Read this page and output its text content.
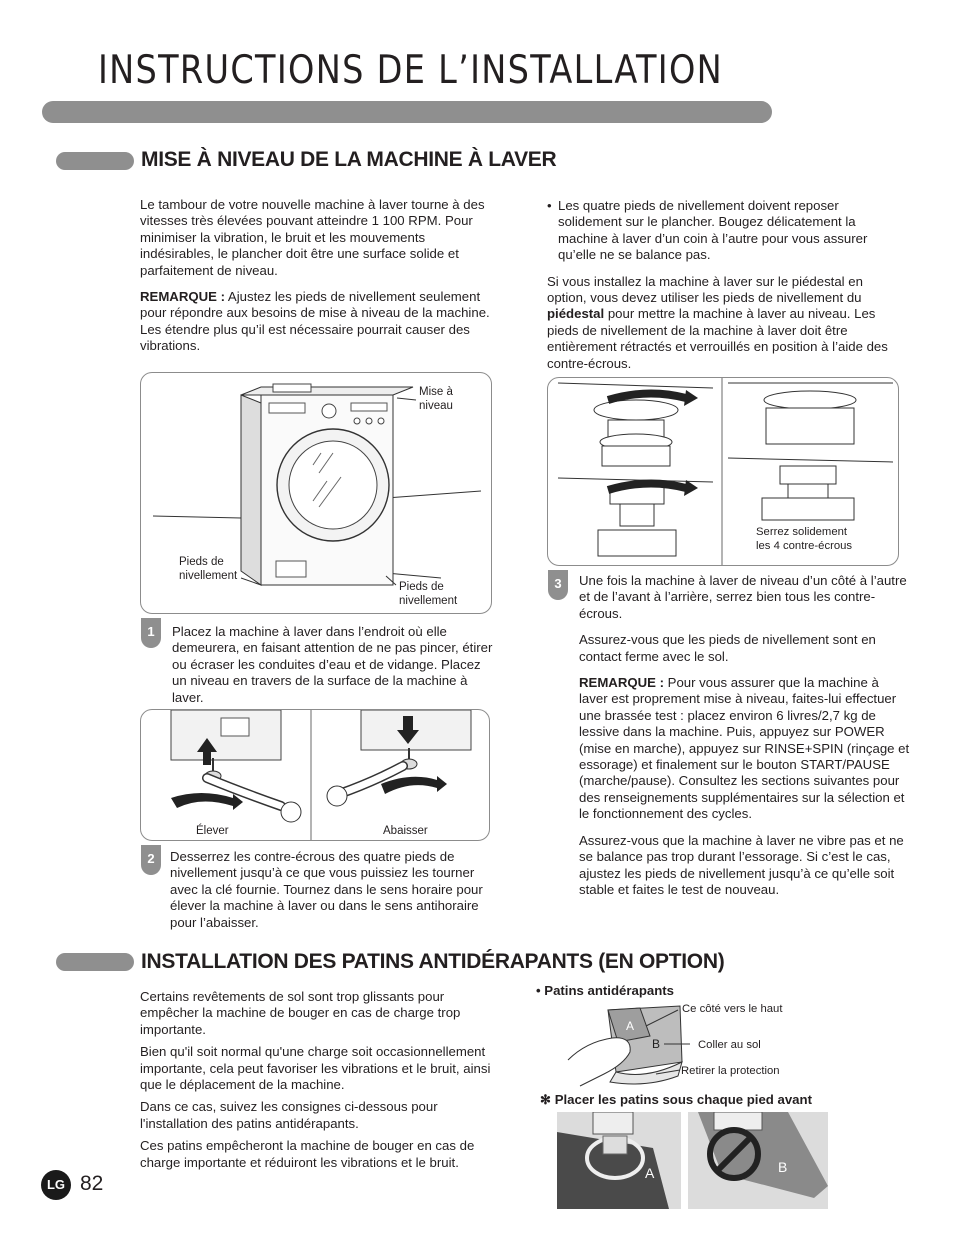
INSTRUCTIONS DE L’INSTALLATION
MISE À NIVEAU DE LA MACHINE À LAVER

Le tambour de votre nouvelle machine à laver tourne à des vitesses très élevées pouvant atteindre 1 100 RPM. Pour minimiser la vibration, le bruit et les mouvements indésirables, le plancher doit être une surface solide et parfaitement de niveau.

REMARQUE : Ajustez les pieds de nivellement seulement pour répondre aux besoins de mise à niveau de la machine. Les étendre plus qu’il est nécessaire pourrait causer des vibrations.

Mise à
niveau
Pieds de
nivellement
Pieds de
nivellement
1	Placez la machine à laver dans l’endroit où elle demeurera, en faisant attention de ne pas pincer, étirer ou écraser les conduites d’eau et de vidange. Placez un niveau en travers de la surface de la machine à laver.
Élever	Abaisser
2	Desserrez les contre-écrous des quatre pieds de nivellement jusqu’à ce que vous puissiez les tourner avec la clé fournie. Tournez dans le sens horaire pour élever la machine à laver ou dans le sens antihoraire pour l’abaisser.
• Les quatre pieds de nivellement doivent reposer solidement sur le plancher. Bougez délicatement la machine à laver d’un coin à l’autre pour vous assurer qu’elle ne se balance pas.

Si vous installez la machine à laver sur le piédestal en option, vous devez utiliser les pieds de nivellement du piédestal pour mettre la machine à laver au niveau. Les pieds de nivellement de la machine à laver doit être entièrement rétractés et verrouillés en position à l’aide des contre-écrous.

Serrez solidement
les 4 contre-écrous
3	Une fois la machine à laver de niveau d’un côté à l’autre et de l’avant à l’arrière, serrez bien tous les contre-écrous.

Assurez-vous que les pieds de nivellement sont en contact ferme avec le sol.

REMARQUE : Pour vous assurer que la machine à laver est proprement mise à niveau, faites-lui effectuer une brassée test : placez environ 6 livres/2,7 kg de lessive dans la machine. Puis, appuyez sur POWER (mise en marche), appuyez sur RINSE+SPIN (rinçage et essorage) et finalement sur le bouton START/PAUSE (marche/pause). Consultez les sections suivantes pour des renseignements supplémentaires sur la sélection et le fonctionnement des cycles.

Assurez-vous que la machine à laver ne vibre pas et ne se balance pas trop durant l’essorage. Si c’est le cas, ajustez les pieds de nivellement jusqu’à ce qu’elle soit stable et faites le test de nouveau.

INSTALLATION DES PATINS ANTIDÉRAPANTS (EN OPTION)

Certains revêtements de sol sont trop glissants pour empêcher la machine de bouger en cas de charge trop importante.

Bien qu'il soit normal qu'une charge soit occasionnellement importante, cela peut favoriser les vibrations et le bruit, ainsi que le déplacement de la machine.

Dans ce cas, suivez les consignes ci-dessous pour l'installation des patins antidérapants.

Ces patins empêcheront la machine de bouger en cas de charge importante et réduiront les vibrations et le bruit.

• Patins antidérapants
A
B
Ce côté vers le haut
Coller au sol
Retirer la protection
✻ Placer les patins sous chaque pied avant
A	B
LG 82
